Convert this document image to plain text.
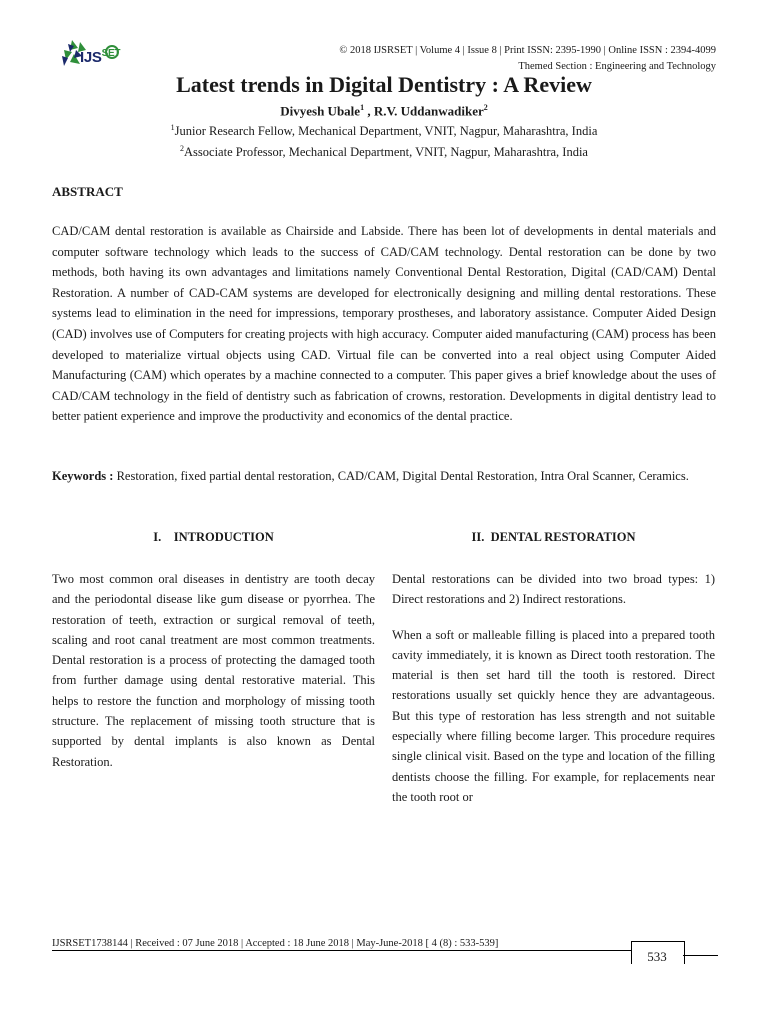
$IJS^{SET}$	© 2018 IJSRSET | Volume 4 | Issue 8 | Print ISSN: 2395-1990 | Online ISSN : 2394-4099
Themed Section : Engineering and Technology
Latest trends in Digital Dentistry : A Review
Divyesh Ubale$^1$ , R.V. Uddanwadiker$^2$
$^1$Junior Research Fellow, Mechanical Department, VNIT, Nagpur, Maharashtra, India
$^2$Associate Professor, Mechanical Department, VNIT, Nagpur, Maharashtra, India
ABSTRACT

CAD/CAM dental restoration is available as Chairside and Labside. There has been lot of developments in dental materials and computer software technology which leads to the success of CAD/CAM technology. Dental restoration can be done by two methods, both having its own advantages and limitations namely Conventional Dental Restoration, Digital (CAD/CAM) Dental Restoration. A number of CAD-CAM systems are developed for electronically designing and milling dental restorations. These systems lead to elimination in the need for impressions, temporary prostheses, and laboratory assistance. Computer Aided Design (CAD) involves use of Computers for creating projects with high accuracy. Computer aided manufacturing (CAM) process has been developed to materialize virtual objects using CAD. Virtual file can be converted into a real object using Computer Aided Manufacturing (CAM) which operates by a machine connected to a computer. This paper gives a brief knowledge about the uses of CAD/CAM technology in the field of dentistry such as fabrication of crowns, restoration. Developments in digital dentistry lead to better patient experience and improve the productivity and economics of the dental practice.

Keywords : Restoration, fixed partial dental restoration, CAD/CAM, Digital Dental Restoration, Intra Oral Scanner, Ceramics.

I.    INTRODUCTION	II.  DENTAL RESTORATION

Two most common oral diseases in dentistry are tooth decay and the periodontal disease like gum disease or pyorrhea. The restoration of teeth, extraction or surgical removal of teeth, scaling and root canal treatment are most common treatments. Dental restoration is a process of protecting the damaged tooth from further damage using dental restorative material. This helps to restore the function and morphology of missing tooth structure. The replacement of missing tooth structure that is supported by dental implants is also known as Dental Restoration.

Dental restorations can be divided into two broad types: 1) Direct restorations and 2) Indirect restorations.

When a soft or malleable filling is placed into a prepared tooth cavity immediately, it is known as Direct tooth restoration. The material is then set hard till the tooth is restored. Direct restorations usually set quickly hence they are advantageous. But this type of restoration has less strength and not suitable especially where filling become larger. This procedure requires single clinical visit. Based on the type and location of the filling dentists choose the filling. For example, for replacements near the tooth root or

IJSRSET1738144 | Received : 07 June 2018 | Accepted : 18 June 2018 | May-June-2018 [ 4 (8) : 533-539]
533
